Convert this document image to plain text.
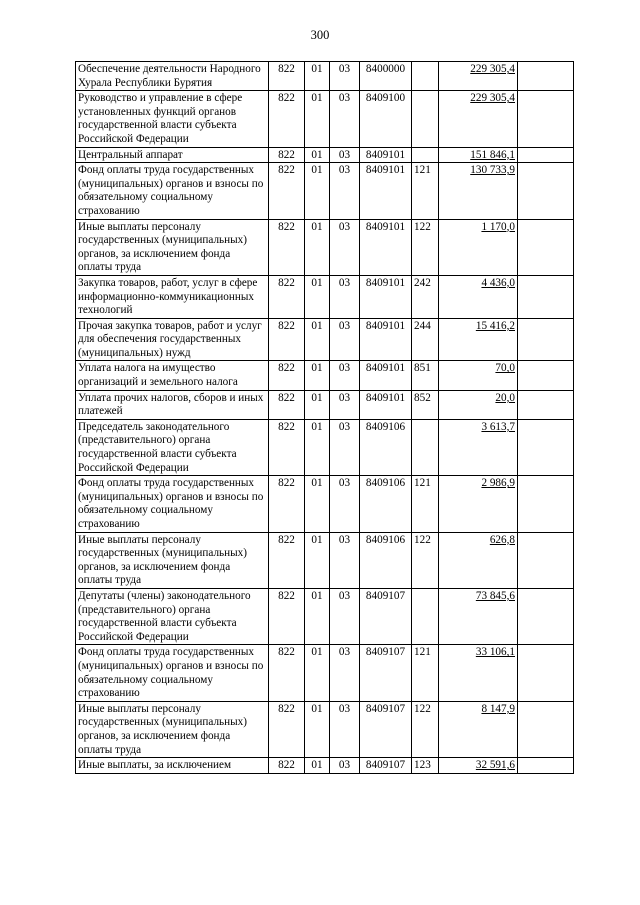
300
Обеспечение деятельности Народного Хурала Республики Бурятия	822	01	03	8400000		229 305,4	
Руководство и управление в сфере установленных функций органов государственной власти субъекта Российской Федерации	822	01	03	8409100		229 305,4	
Центральный аппарат	822	01	03	8409101		151 846,1	
Фонд оплаты труда государственных (муниципальных) органов и взносы по обязательному социальному страхованию	822	01	03	8409101	121	130 733,9	
Иные выплаты персоналу государственных (муниципальных) органов, за исключением фонда оплаты труда	822	01	03	8409101	122	1 170,0	
Закупка товаров, работ, услуг в сфере информационно-коммуникационных технологий	822	01	03	8409101	242	4 436,0	
Прочая закупка товаров, работ и услуг для обеспечения государственных (муниципальных) нужд	822	01	03	8409101	244	15 416,2	
Уплата налога на имущество организаций и земельного налога	822	01	03	8409101	851	70,0	
Уплата прочих налогов, сборов и иных платежей	822	01	03	8409101	852	20,0	
Председатель законодательного (представительного) органа государственной власти субъекта Российской Федерации	822	01	03	8409106		3 613,7	
Фонд оплаты труда государственных (муниципальных) органов и взносы по обязательному социальному страхованию	822	01	03	8409106	121	2 986,9	
Иные выплаты персоналу государственных (муниципальных) органов, за исключением фонда оплаты труда	822	01	03	8409106	122	626,8	
Депутаты (члены) законодательного (представительного) органа государственной власти субъекта Российской Федерации	822	01	03	8409107		73 845,6	
Фонд оплаты труда государственных (муниципальных) органов и взносы по обязательному социальному страхованию	822	01	03	8409107	121	33 106,1	
Иные выплаты персоналу государственных (муниципальных) органов, за исключением фонда оплаты труда	822	01	03	8409107	122	8 147,9	
Иные выплаты, за исключением	822	01	03	8409107	123	32 591,6	
